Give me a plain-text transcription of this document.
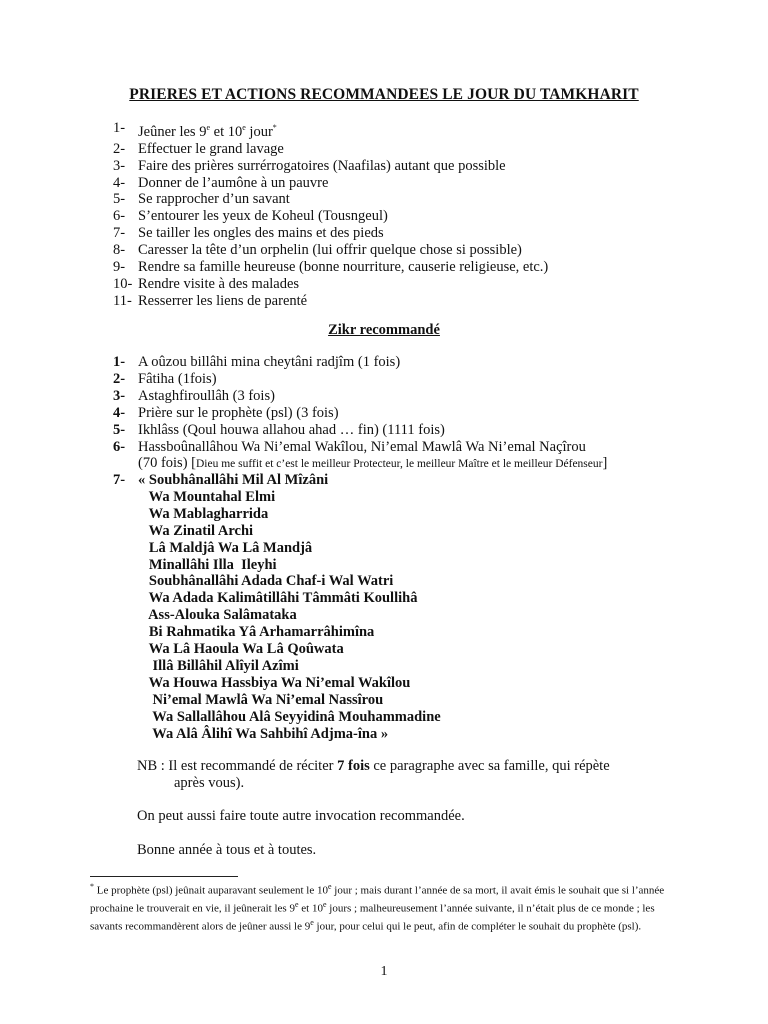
PRIERES ET ACTIONS RECOMMANDEES LE JOUR DU TAMKHARIT
1- Jeûner les 9e et 10e jour*
2- Effectuer le grand lavage
3- Faire des prières surrérrogatoires (Naafilas) autant que possible
4- Donner de l’aumône à un pauvre
5- Se rapprocher d’un savant
6- S’entourer les yeux de Koheul (Tousngeul)
7- Se tailler les ongles des mains et des pieds
8- Caresser la tête d’un orphelin (lui offrir quelque chose si possible)
9- Rendre sa famille heureuse (bonne nourriture, causerie religieuse, etc.)
10- Rendre visite à des malades
11- Resserrer les liens de parenté
Zikr recommandé
1- A oûzou billâhi mina cheytâni radjîm (1 fois)
2- Fâtiha (1fois)
3- Astaghfiroullâh (3 fois)
4- Prière sur le prophète (psl) (3 fois)
5- Ikhlâss (Qoul houwa allahou ahad … fin) (1111 fois)
6- Hassboûnallâhou Wa Ni’emal Wakîlou, Ni’emal Mawlâ Wa Ni’emal Naçîrou
(70 fois) [Dieu me suffit et c’est le meilleur Protecteur, le meilleur Maître et le meilleur Défenseur]
7- « Soubhânallâhi Mil Al Mîzâni
Wa Mountahal Elmi
Wa Mablagharrida
Wa Zinatil Archi
Lâ Maldjâ Wa Lâ Mandjâ
Minallâhi Illa  Ileyhi
Soubhânallâhi Adada Chaf-i Wal Watri
Wa Adada Kalimâtillâhi Tâmmâti Koullihâ
Ass-Alouka Salâmataka
Bi Rahmatika Yâ Arhamarrâhimîna
Wa Lâ Haoula Wa Lâ Qoûwata
Illâ Billâhil Alîyil Azîmi
Wa Houwa Hassbiya Wa Ni’emal Wakîlou
Ni’emal Mawlâ Wa Ni’emal Nassîrou
Wa Sallallâhou Alâ Seyyidinâ Mouhammadine
Wa Alâ Âlihî Wa Sahbihî Adjma-îna »
NB : Il est recommandé de réciter 7 fois ce paragraphe avec sa famille, qui répète
après vous).
On peut aussi faire toute autre invocation recommandée.
Bonne année à tous et à toutes.
* Le prophète (psl) jeûnait auparavant seulement le 10e jour ; mais durant l’année de sa mort, il avait émis le souhait que si l’année prochaine le trouverait en vie, il jeûnerait les 9e et 10e jours ; malheureusement l’année suivante, il n’était plus de ce monde ; les savants recommandèrent alors de jeûner aussi le 9e jour, pour celui qui le peut, afin de compléter le souhait du prophète (psl).
1
